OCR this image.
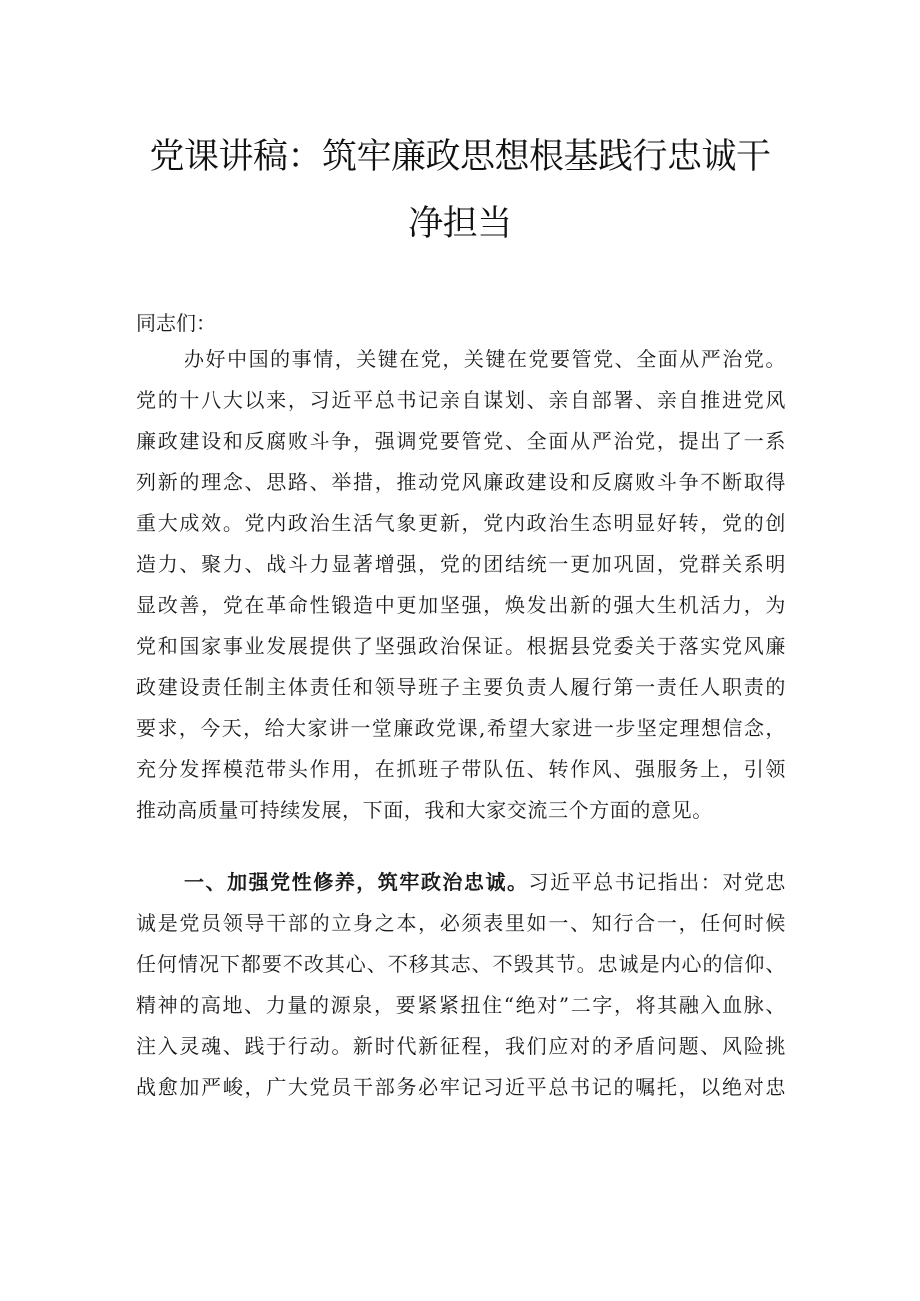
党课讲稿：筑牢廉政思想根基践行忠诚干
净担当

同志们：

办好中国的事情，关键在党，关键在党要管党、全面从严治党。
党的十八大以来，习近平总书记亲自谋划、亲自部署、亲自推进党风
廉政建设和反腐败斗争，强调党要管党、全面从严治党，提出了一系
列新的理念、思路、举措，推动党风廉政建设和反腐败斗争不断取得
重大成效。党内政治生活气象更新，党内政治生态明显好转，党的创
造力、聚力、战斗力显著增强，党的团结统一更加巩固，党群关系明
显改善，党在革命性锻造中更加坚强，焕发出新的强大生机活力，为
党和国家事业发展提供了坚强政治保证。根据县党委关于落实党风廉
政建设责任制主体责任和领导班子主要负责人履行第一责任人职责的
要求，今天，给大家讲一堂廉政党课,希望大家进一步坚定理想信念，
充分发挥模范带头作用，在抓班子带队伍、转作风、强服务上，引领
推动高质量可持续发展，下面，我和大家交流三个方面的意见。
一、加强党性修养，筑牢政治忠诚。习近平总书记指出：对党忠
诚是党员领导干部的立身之本，必须表里如一、知行合一，任何时候
任何情况下都要不改其心、不移其志、不毁其节。忠诚是内心的信仰、
精神的高地、力量的源泉，要紧紧扭住“绝对”二字，将其融入血脉、
注入灵魂、践于行动。新时代新征程，我们应对的矛盾问题、风险挑
战愈加严峻，广大党员干部务必牢记习近平总书记的嘱托，以绝对忠
